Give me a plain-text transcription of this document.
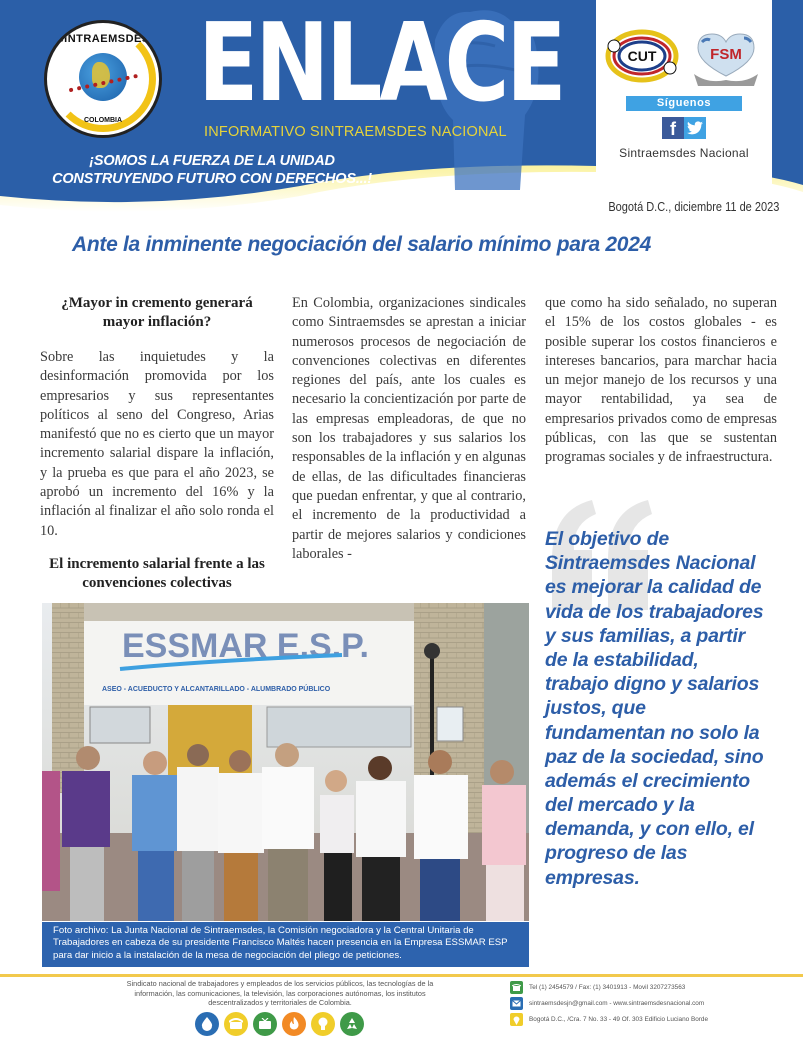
SINTRAEMSDES
COLOMBIA ENLACE
INFORMATIVO SINTRAEMSDES NACIONAL
¡SOMOS LA FUERZA DE LA UNIDAD
CONSTRUYENDO FUTURO CON DERECHOS...!
CUT	FSM
Síguenos
f
Sintraemsdes Nacional
Bogotá D.C., diciembre 11 de 2023
Ante la inminente negociación del salario mínimo para 2024
¿Mayor in cremento generará mayor inflación?

Sobre las inquietudes y la desinformación promovida por los empresarios y sus representantes políticos al seno del Congreso, Arias manifestó que no es cierto que un mayor incremento salarial dispare la inflación, y la prueba es que para el año 2023, se aprobó un incremento del 16% y la inflación al finalizar el año solo ronda el 10.

El incremento salarial frente a las convenciones colectivas

En Colombia, organizaciones sindicales como Sintraemsdes se aprestan a iniciar numerosos procesos de negociación de convenciones colectivas en diferentes regiones del país, ante los cuales es necesario la concientización por parte de las empresas empleadoras, de que no son los trabajadores y sus salarios los responsables de la inflación y en algunas de ellas, de las dificultades financieras que puedan enfrentar, y que al contrario, el incremento de la productividad a partir de mejores salarios y condiciones laborales -

que como ha sido señalado, no superan el 15% de los costos globales - es posible superar los costos financieros e intereses bancarios, para marchar hacia un mejor manejo de los recursos y una mayor rentabilidad, ya sea de empresarios privados como de empresas públicas, con las que se sustentan programas sociales y de infraestructura.

El objetivo de
Sintraemsdes Nacional
es mejorar la calidad de
vida de los trabajadores
y sus familias, a partir
de la estabilidad,
trabajo digno y salarios
justos, que
fundamentan no solo la
paz de la sociedad, sino
además el crecimiento
del mercado y la
demanda, y con ello, el
progreso de las
empresas.
ESSMAR E.S.P.
ASEO - ACUEDUCTO Y ALCANTARILLADO - ALUMBRADO PÚBLICO
Foto archivo: La Junta Nacional de Sintraemsdes, la Comisión negociadora y la Central Unitaria de Trabajadores en cabeza de su presidente Francisco Maltés hacen presencia en la Empresa ESSMAR ESP para dar inicio a la instalación de la mesa de negociación del pliego de peticiones.
Sindicato nacional de trabajadores y empleados de los servicios públicos, las tecnologías de la información, las comunicaciones, la televisión, las corporaciones autónomas, los institutos descentralizados y territoriales de Colombia.
Tel (1) 2454579 / Fax: (1) 3401913 - Movil 3207273563
sintraemsdesjn@gmail.com - www.sintraemsdesnacional.com
Bogotá D.C., /Cra. 7 No. 33 - 49 Of. 303 Edificio Luciano Borde
